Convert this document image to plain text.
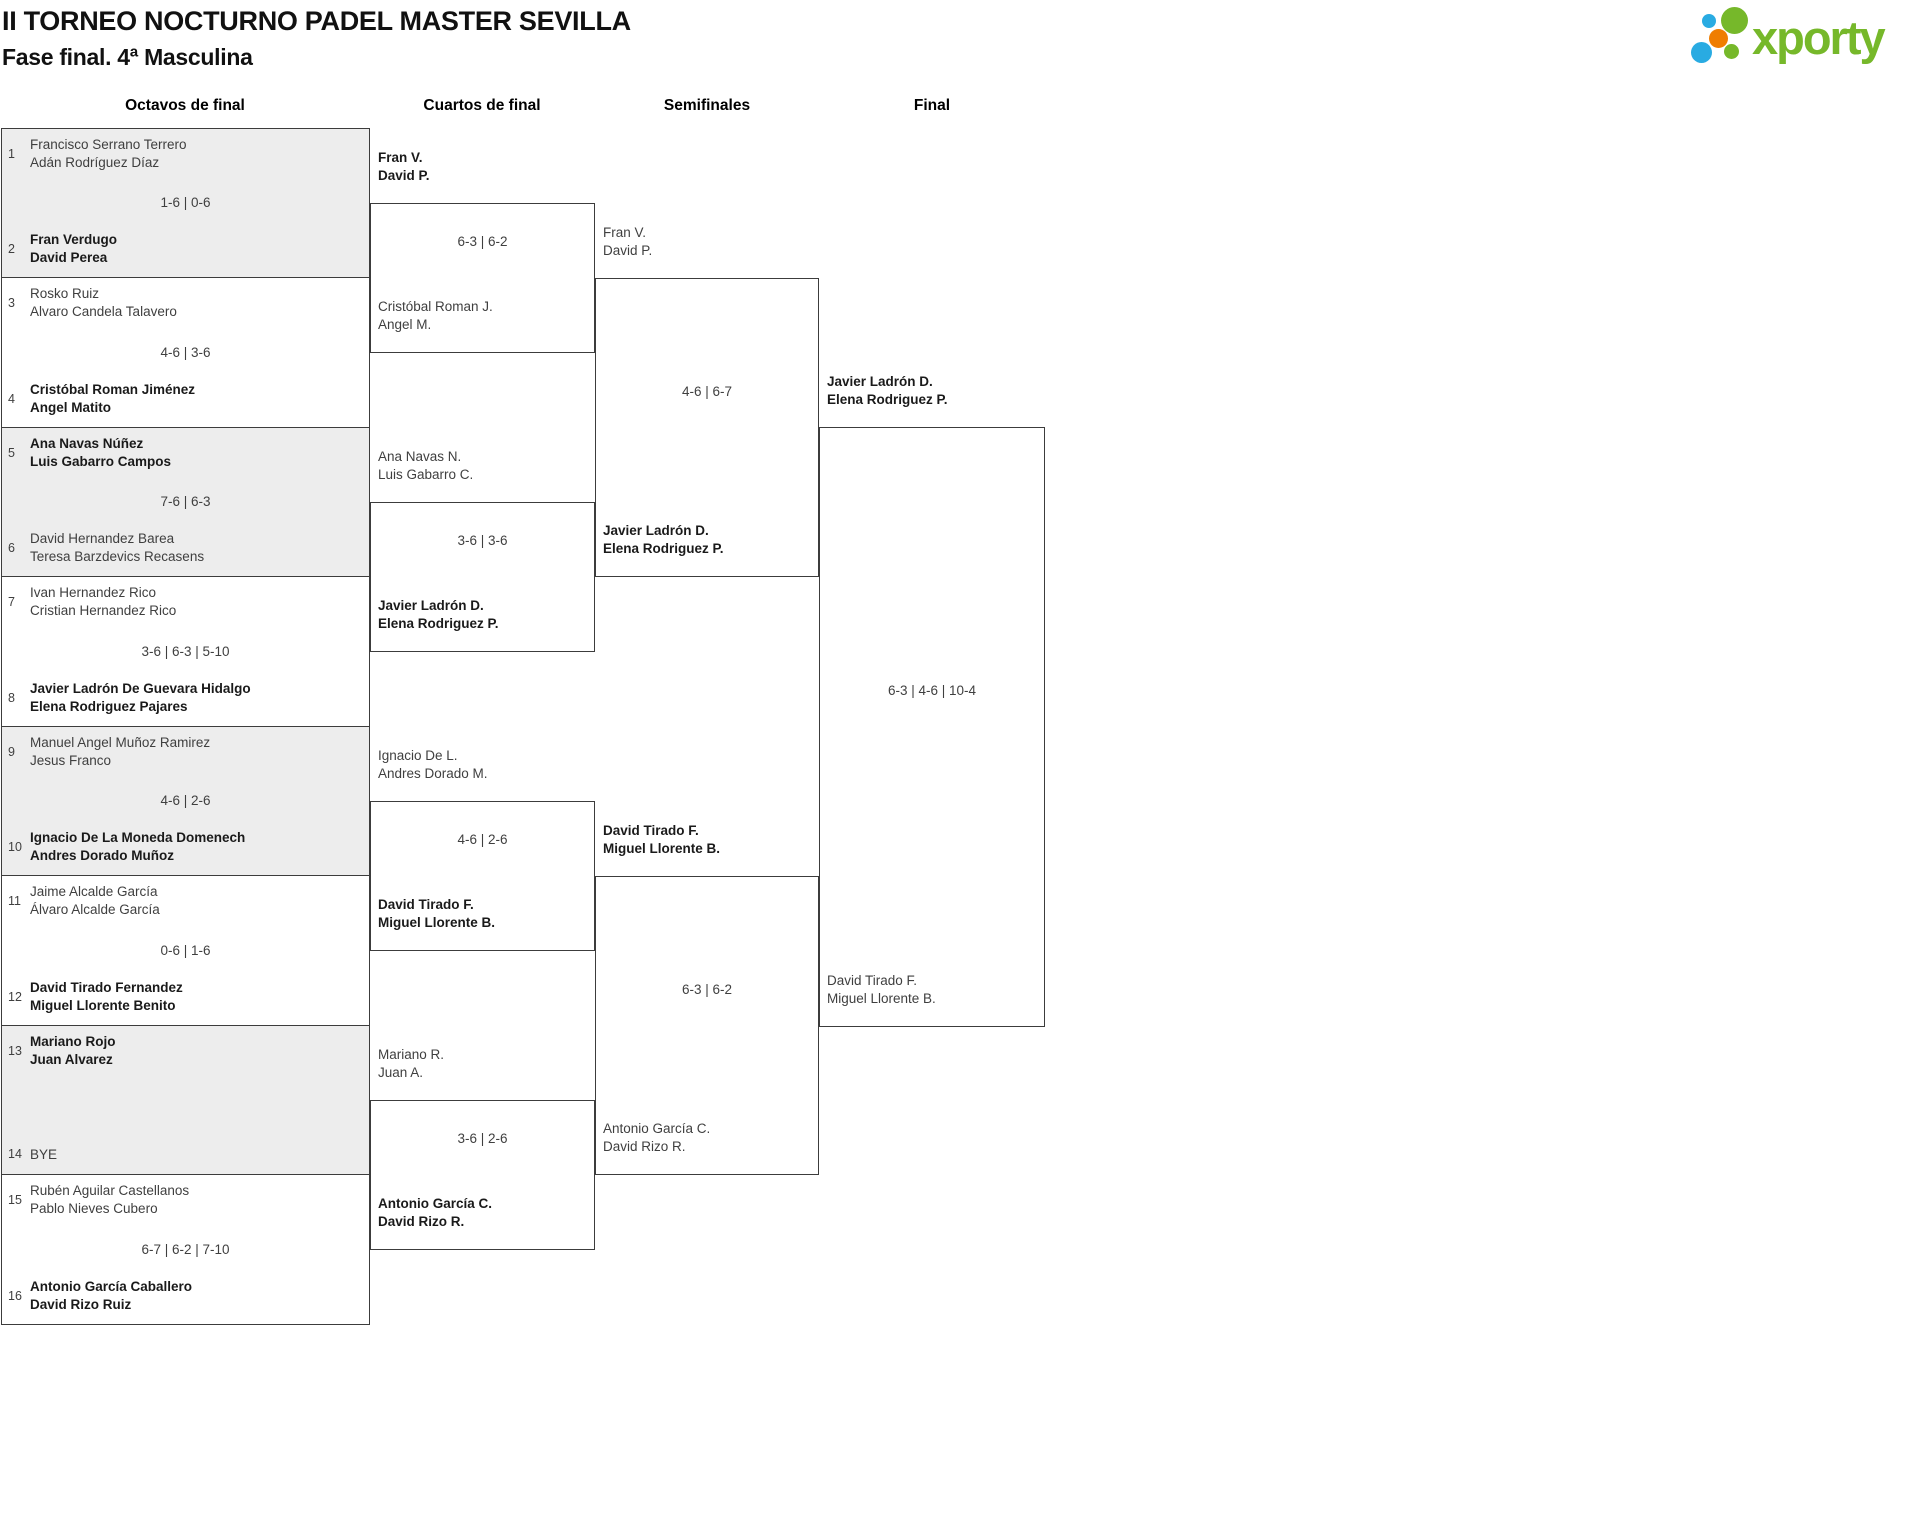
II TORNEO NOCTURNO PADEL MASTER SEVILLA
Fase final. 4ª Masculina
Octavos de final	Cuartos de final	Semifinales	Final
1
Francisco Serrano Terrero
Adán Rodríguez Díaz
1-6 | 0-6
2
Fran Verdugo
David Perea
3
Rosko Ruiz
Alvaro Candela Talavero
4-6 | 3-6
4
Cristóbal Roman Jiménez
Angel Matito
5
Ana Navas Núñez
Luis Gabarro Campos
7-6 | 6-3
6
David Hernandez Barea
Teresa Barzdevics Recasens
7
Ivan Hernandez Rico
Cristian Hernandez Rico
3-6 | 6-3 | 5-10
8
Javier Ladrón De Guevara Hidalgo
Elena Rodriguez Pajares
9
Manuel Angel Muñoz Ramirez
Jesus Franco
4-6 | 2-6
10
Ignacio De La Moneda Domenech
Andres Dorado Muñoz
11
Jaime Alcalde García
Álvaro Alcalde García
0-6 | 1-6
12
David Tirado Fernandez
Miguel Llorente Benito
13
Mariano Rojo
Juan Alvarez
14 BYE
15
Rubén Aguilar Castellanos
Pablo Nieves Cubero
6-7 | 6-2 | 7-10
16
Antonio García Caballero
David Rizo Ruiz
Fran V.
David P.
6-3 | 6-2
Cristóbal Roman J.
Angel M.
Ana Navas N.
Luis Gabarro C.
3-6 | 3-6
Javier Ladrón D.
Elena Rodriguez P.
Ignacio De L.
Andres Dorado M.
4-6 | 2-6
David Tirado F.
Miguel Llorente B.
Mariano R.
Juan A.
3-6 | 2-6
Antonio García C.
David Rizo R.
Fran V.
David P.
4-6 | 6-7
Javier Ladrón D.
Elena Rodriguez P.
David Tirado F.
Miguel Llorente B.
6-3 | 6-2
Antonio García C.
David Rizo R.
Javier Ladrón D.
Elena Rodriguez P.
6-3 | 4-6 | 10-4
David Tirado F.
Miguel Llorente B.
xporty
